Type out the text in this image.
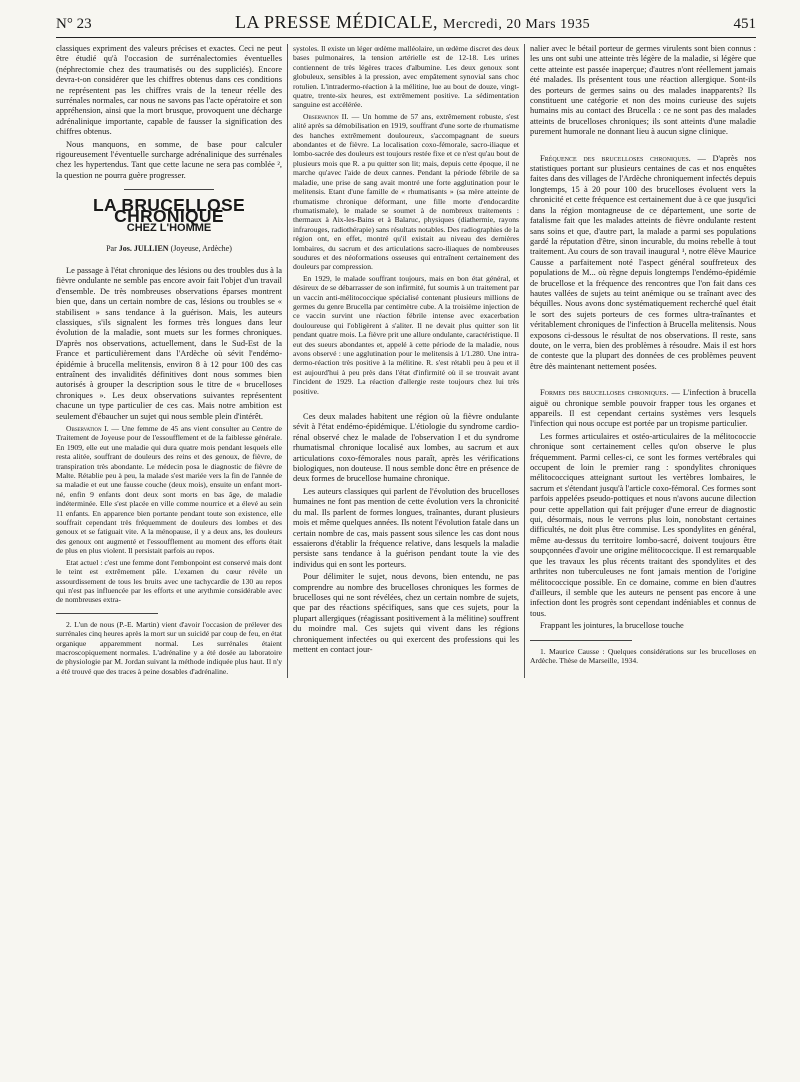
N° 23	LA PRESSE MÉDICALE, Mercredi, 20 Mars 1935	451

classiques expriment des valeurs précises et exactes. Ceci ne peut être étudié qu'à l'occasion de surrénalectomies éventuelles (néphrectomie chez des traumatisés ou des suppliciés). Encore devra-t-on considérer que les chiffres obtenus dans ces conditions ne représentent pas les chiffres vrais de la teneur réelle des surrénales normales, car nous ne savons pas l'acte opératoire et son appréhension, ainsi que la mort brusque, provoquent une décharge adrénalinique importante, capable de fausser la signification des chiffres obtenus.

Nous manquons, en somme, de base pour calculer rigoureusement l'éventuelle surcharge adrénalinique des surrénales chez les hypertendus. Tant que cette lacune ne sera pas comblée ², la question ne pourra guère progresser.

LA BRUCELLOSE CHRONIQUE
CHEZ L'HOMME
Par Jos. JULLIEN (Joyeuse, Ardèche)

Le passage à l'état chronique des lésions ou des troubles dus à la fièvre ondulante ne semble pas encore avoir fait l'objet d'un travail d'ensemble. De très nombreuses observations éparses montrent bien que, dans un certain nombre de cas, lésions ou troubles se « stabilisent » sans tendance à la guérison. Mais, les auteurs classiques, s'ils signalent les formes très longues dans leur évolution de la maladie, sont muets sur les formes chroniques. D'après nos observations, actuellement, dans le Sud-Est de la France et particulièrement dans l'Ardèche où sévit l'endémo-épidémie à brucella melitensis, environ 8 à 12 pour 100 des cas entraînent des invalidités définitives dont nous sommes bien autorisés à grouper la description sous le titre de « brucelloses chroniques ». Les deux observations suivantes représentent chacune un type particulier de ces cas. Mais notre ambition est seulement d'ébaucher un sujet qui nous semble plein d'intérêt.

Observation I. — Une femme de 45 ans vient consulter au Centre de Traitement de Joyeuse pour de l'essoufflement et de la faiblesse générale. En 1909, elle eut une maladie qui dura quatre mois pendant lesquels elle resta alitée, souffrant de douleurs des reins et des genoux, de fièvre, de transpiration très abondante. Le médecin posa le diagnostic de fièvre de Malte. Rétablie peu à peu, la malade s'est mariée vers la fin de l'année de sa maladie et eut une fausse couche (deux mois), ensuite un enfant mort-né, enfin 9 enfants dont deux sont morts en bas âge, de maladie indéterminée. Elle s'est placée en ville comme nourrice et a élevé au sein 11 enfants. En apparence bien portante pendant toute son existence, elle souffrait cependant très fréquemment de douleurs des lombes et des genoux et se fatiguait vite. A la ménopause, il y a deux ans, les douleurs des genoux ont augmenté et l'essoufflement au moment des efforts était de plus en plus violent. Il persistait parfois au repos.

Etat actuel : c'est une femme dont l'embonpoint est conservé mais dont le teint est extrêmement pâle. L'examen du cœur révèle un assourdissement de tous les bruits avec une tachycardie de 130 au repos qui n'est pas influencée par les efforts et une arythmie considérable avec de nombreuses extra-

2. L'un de nous (P.-E. Martin) vient d'avoir l'occasion de prélever des surrénales cinq heures après la mort sur un suicidé par coup de feu, en état organique apparemment normal. Les surrénales étaient macroscopiquement normales. L'adrénaline y a été dosée au laboratoire de physiologie par M. Jordan suivant la méthode indiquée plus haut. Il n'y a été trouvé que des traces à peine dosables d'adrénaline.

systoles. Il existe un léger œdème malléolaire, un œdème discret des deux bases pulmonaires, la tension artérielle est de 12-18. Les urines contiennent de très légères traces d'albumine. Les deux genoux sont globuleux, sensibles à la pression, avec empâtement synovial sans choc rotulien. L'intradermo-réaction à la mélitine, lue au bout de douze, vingt-quatre, trente-six heures, est extrêmement positive. La sédimentation sanguine est accélérée.

Observation II. — Un homme de 57 ans, extrêmement robuste, s'est alité après sa démobilisation en 1919, souffrant d'une sorte de rhumatisme des hanches extrêmement douloureux, s'accompagnant de sueurs abondantes et de fièvre. La localisation coxo-fémorale, sacro-iliaque et lombo-sacrée des douleurs est toujours restée fixe et ce n'est qu'au bout de plusieurs mois que R. a pu quitter son lit; mais, depuis cette époque, il ne marche qu'avec l'aide de deux cannes. Pendant la période fébrile de sa maladie, une prise de sang avait montré une forte agglutination pour le melitensis. Etant d'une famille de « rhumatisants » (sa mère atteinte de rhumatisme chronique déformant, une fille morte d'endocardite rhumatismale), le malade se soumet à de nombreux traitements : thermaux à Aix-les-Bains et à Balaruc, physiques (diathermie, rayons infrarouges, radiothérapie) sans résultats notables. Des radiographies de la région ont, en effet, montré qu'il existait au niveau des dernières lombaires, du sacrum et des articulations sacro-iliaques de nombreuses soudures et des néoformations osseuses qui entraînent certainement des douleurs par compression.

En 1929, le malade souffrant toujours, mais en bon état général, et désireux de se débarrasser de son infirmité, fut soumis à un traitement par un vaccin anti-mélitococcique spécialisé contenant plusieurs millions de germes du genre Brucella par centimètre cube. A la troisième injection de ce vaccin survint une réaction fébrile intense avec exacerbation douloureuse qui l'obligèrent à s'aliter. Il ne devait plus quitter son lit pendant quatre mois. La fièvre prit une allure ondulante, caractéristique. Il eut des sueurs abondantes et, appelé à cette période de la maladie, nous avons observé : une agglutination pour le melitensis à 1/1.280. Une intra-dermo-réaction très positive à la mélitine. R. s'est rétabli peu à peu et il est aujourd'hui à peu près dans l'état d'infirmité où il se trouvait avant l'incident de 1929. La réaction d'allergie reste toujours chez lui très positive.

Ces deux malades habitent une région où la fièvre ondulante sévit à l'état endémo-épidémique. L'étiologie du syndrome cardio-rénal observé chez le malade de l'observation I et du syndrome rhumatismal chronique localisé aux lombes, au sacrum et aux articulations coxo-fémorales nous paraît, après les vérifications biologiques, non douteuse. Il nous semble donc être en présence de deux formes de brucellose humaine chronique.

Les auteurs classiques qui parlent de l'évolution des brucelloses humaines ne font pas mention de cette évolution vers la chronicité du mal. Ils parlent de formes longues, traînantes, durant plusieurs mois et même quelques années. Ils notent l'évolution fatale dans un certain nombre de cas, mais passent sous silence les cas dont nous essaierons d'établir la fréquence relative, dans lesquels la maladie persiste sans tendance à la guérison pendant toute la vie des individus qui en sont les porteurs.

Pour délimiter le sujet, nous devons, bien entendu, ne pas comprendre au nombre des brucelloses chroniques les formes de brucelloses qui ne sont révélées, chez un certain nombre de sujets, que par des réactions spécifiques, sans que ces sujets, pour la plupart allergiques (réagissant positivement à la mélitine) souffrent du moindre mal. Ces sujets qui vivent dans les régions chroniquement infectées ou qui exercent des professions qui les mettent en contact jour-

nalier avec le bétail porteur de germes virulents sont bien connus : les uns ont subi une atteinte très légère de la maladie, si légère que cette atteinte est passée inaperçue; d'autres n'ont réellement jamais été malades. Ils présentent tous une réaction allergique. Sont-ils des porteurs de germes sains ou des malades inapparents? Ils constituent une catégorie et non des moins curieuse des sujets humains mis au contact des Brucella : ce ne sont pas des malades atteints de brucelloses chroniques; ils sont atteints d'une maladie purement humorale ne donnant lieu à aucun signe clinique.

Fréquence des brucelloses chroniques. — D'après nos statistiques portant sur plusieurs centaines de cas et nos enquêtes faites dans des villages de l'Ardèche chroniquement infectés depuis longtemps, 15 à 20 pour 100 des brucelloses évoluent vers la chronicité et cette fréquence est certainement due à ce que jusqu'ici dans la région montagneuse de ce département, une sorte de fatalisme fait que les malades atteints de fièvre ondulante restent sans soins et que, d'autre part, la malade a parmi ses populations gardé la réputation d'être, sinon incurable, du moins rebelle à tout traitement. Au cours de son travail inaugural ¹, notre élève Maurice Causse a parfaitement noté l'aspect général souffreteux des populations de M... où règne depuis longtemps l'endémo-épidémie de brucellose et la fréquence des rencontres que l'on fait dans ces hautes vallées de sujets au teint anémique ou se traînant avec des béquilles. Nous avons donc systématiquement recherché quel était le sort des sujets porteurs de ces formes ultra-traînantes et véritablement chroniques de l'infection à Brucella melitensis. Nous exposons ci-dessous le résultat de nos observations. Il reste, sans doute, on le verra, bien des problèmes à résoudre. Mais il est hors de conteste que la plupart des données de ces problèmes peuvent être dès maintenant nettement posées.

Formes des brucelloses chroniques. — L'infection à brucella aiguë ou chronique semble pouvoir frapper tous les organes et appareils. Il est cependant certains systèmes vers lesquels l'infection qui nous occupe est portée par un tropisme particulier.

Les formes articulaires et ostéo-articulaires de la mélitococcie chronique sont certainement celles qu'on observe le plus fréquemment. Parmi celles-ci, ce sont les formes vertébrales qui occupent de loin le premier rang : spondylites chroniques mélitococciques atteignant surtout les vertèbres lombaires, le sacrum et s'étendant jusqu'à l'article coxo-fémoral. Ces formes sont parfois appelées pseudo-pottiques et nous n'avons aucune dilection pour cette appellation qui fait préjuger d'une erreur de diagnostic qui, désormais, nous le verrons plus loin, nonobstant certaines difficultés, ne doit plus être commise. Les spondylites en général, même au-dessus du territoire lombo-sacré, doivent toujours être soupçonnées d'avoir une origine mélitococcique. Il est remarquable que les travaux les plus récents traitant des spondylites et des arthrites non tuberculeuses ne font jamais mention de l'origine mélitococcique possible. En ce domaine, comme en bien d'autres d'ailleurs, il semble que les auteurs ne pensent pas encore à une infection dont les progrès sont cependant indéniables et connus de tous.

Frappant les jointures, la brucellose touche

1. Maurice Causse : Quelques considérations sur les brucelloses en Ardèche. Thèse de Marseille, 1934.
